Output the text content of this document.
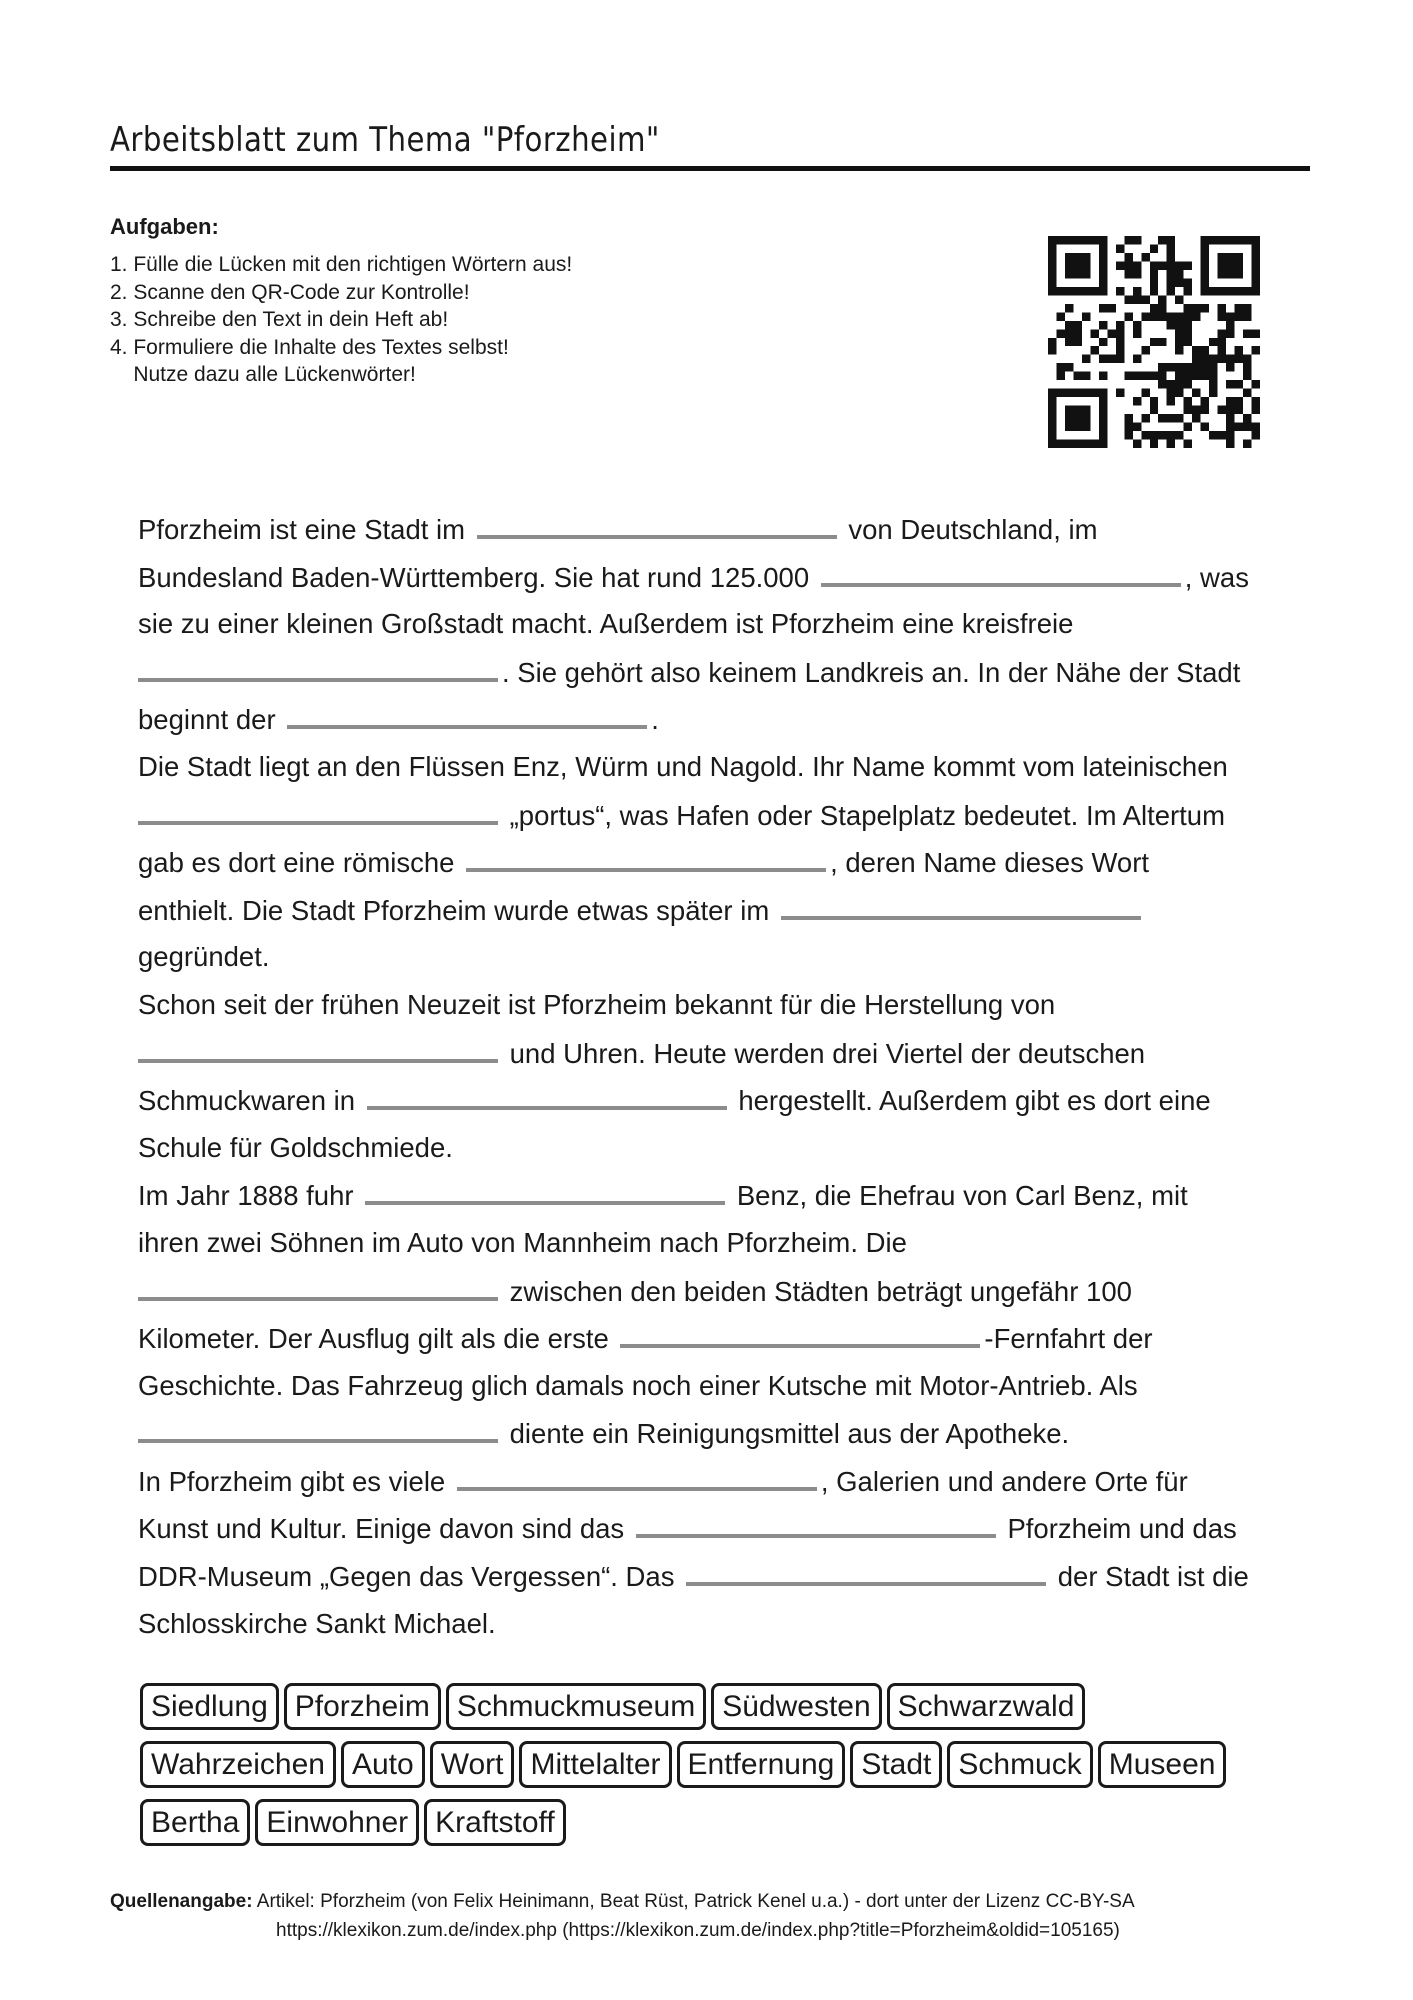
Arbeitsblatt zum Thema "Pforzheim"
Aufgaben:
1. Fülle die Lücken mit den richtigen Wörtern aus!
2. Scanne den QR-Code zur Kontrolle!
3. Schreibe den Text in dein Heft ab!
4. Formuliere die Inhalte des Textes selbst!
Nutze dazu alle Lückenwörter!
Pforzheim ist eine Stadt im	von Deutschland, im
Bundesland Baden-Württemberg. Sie hat rund 125.000	, was
sie zu einer kleinen Großstadt macht. Außerdem ist Pforzheim eine kreisfreie
. Sie gehört also keinem Landkreis an. In der Nähe der Stadt
beginnt der	.
Die Stadt liegt an den Flüssen Enz, Würm und Nagold. Ihr Name kommt vom lateinischen
„portus“, was Hafen oder Stapelplatz bedeutet. Im Altertum
gab es dort eine römische	, deren Name dieses Wort
enthielt. Die Stadt Pforzheim wurde etwas später im
gegründet.
Schon seit der frühen Neuzeit ist Pforzheim bekannt für die Herstellung von
und Uhren. Heute werden drei Viertel der deutschen
Schmuckwaren in	hergestellt. Außerdem gibt es dort eine
Schule für Goldschmiede.
Im Jahr 1888 fuhr	Benz, die Ehefrau von Carl Benz, mit
ihren zwei Söhnen im Auto von Mannheim nach Pforzheim. Die
zwischen den beiden Städten beträgt ungefähr 100
Kilometer. Der Ausflug gilt als die erste	-Fernfahrt der
Geschichte. Das Fahrzeug glich damals noch einer Kutsche mit Motor-Antrieb. Als
diente ein Reinigungsmittel aus der Apotheke.
In Pforzheim gibt es viele	, Galerien und andere Orte für
Kunst und Kultur. Einige davon sind das	Pforzheim und das
DDR-Museum „Gegen das Vergessen“. Das	der Stadt ist die
Schlosskirche Sankt Michael.
Siedlung Pforzheim Schmuckmuseum Südwesten Schwarzwald
Wahrzeichen Auto Wort Mittelalter Entfernung Stadt Schmuck Museen
Bertha Einwohner Kraftstoff
Quellenangabe: Artikel: Pforzheim (von Felix Heinimann, Beat Rüst, Patrick Kenel u.a.) - dort unter der Lizenz CC-BY-SA
https://klexikon.zum.de/index.php (https://klexikon.zum.de/index.php?title=Pforzheim&oldid=105165)
